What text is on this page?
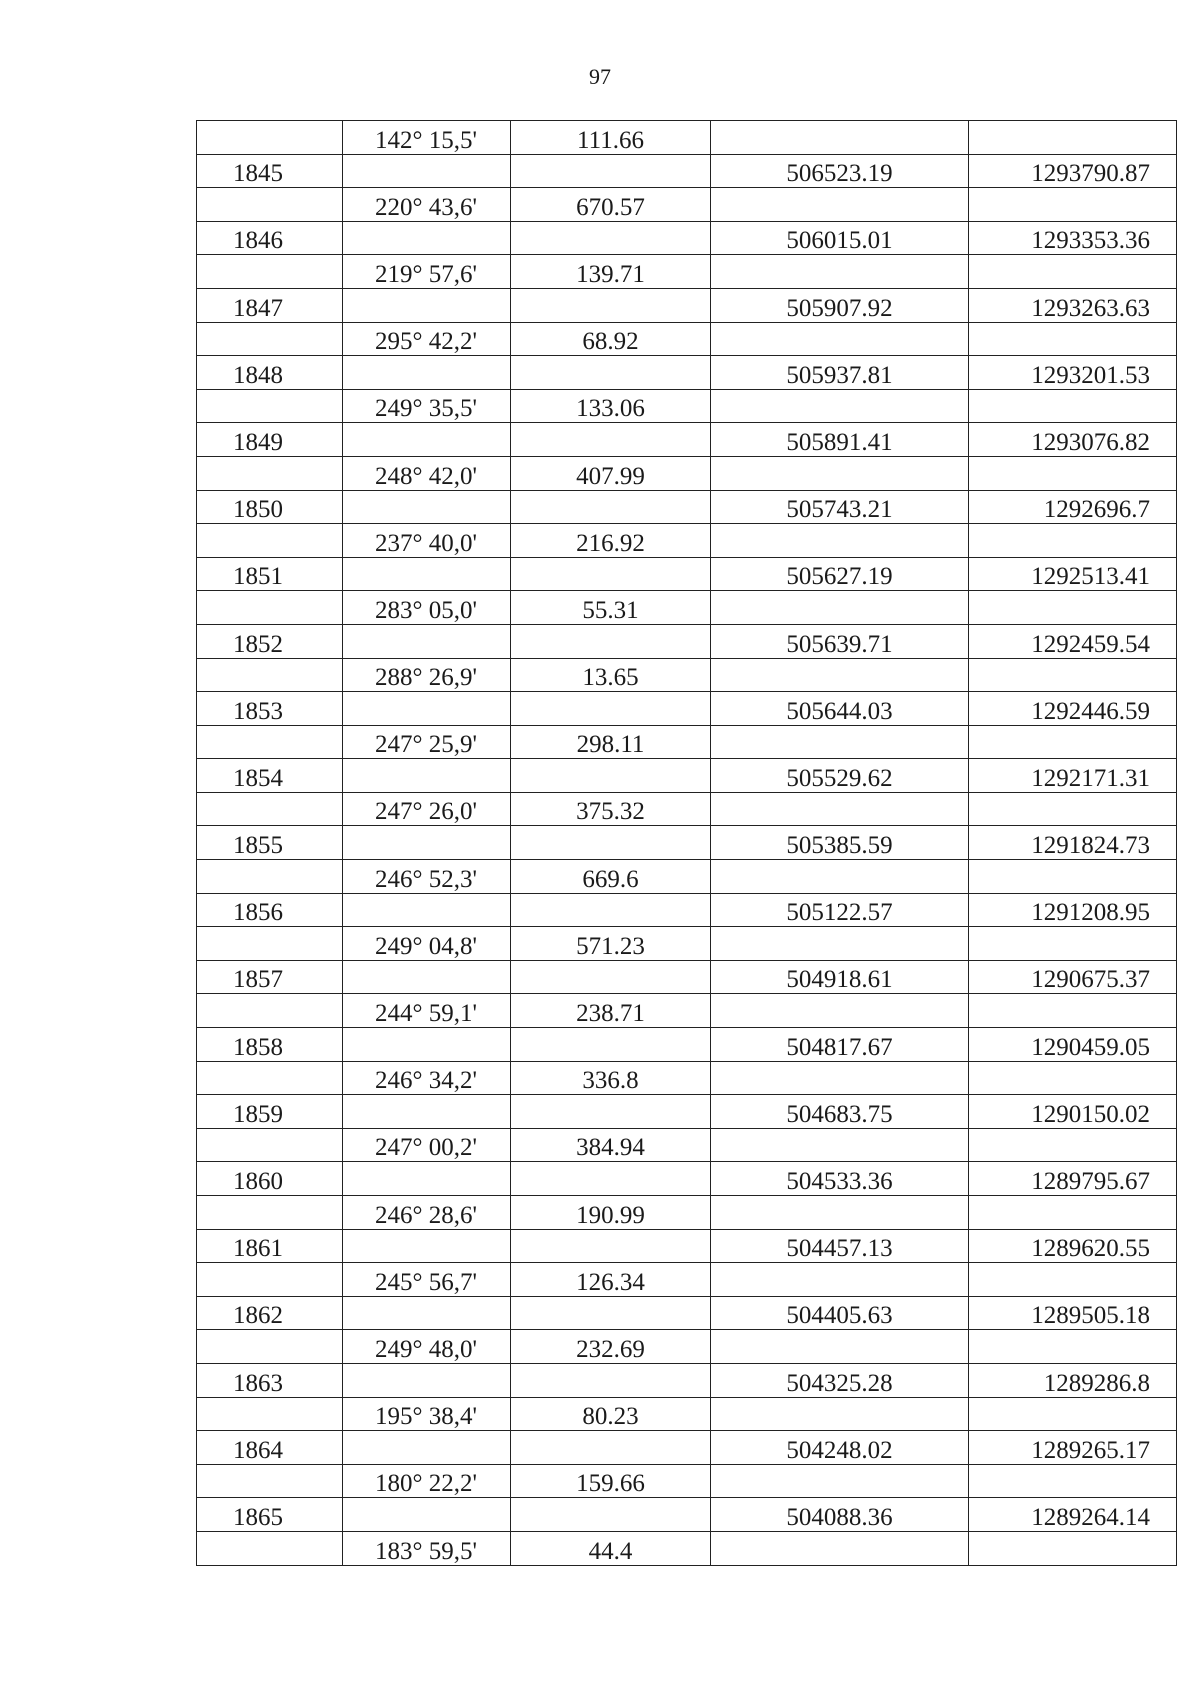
97
	142° 15,5'	111.66		
1845			506523.19	1293790.87
	220° 43,6'	670.57		
1846			506015.01	1293353.36
	219° 57,6'	139.71		
1847			505907.92	1293263.63
	295° 42,2'	68.92		
1848			505937.81	1293201.53
	249° 35,5'	133.06		
1849			505891.41	1293076.82
	248° 42,0'	407.99		
1850			505743.21	1292696.7
	237° 40,0'	216.92		
1851			505627.19	1292513.41
	283° 05,0'	55.31		
1852			505639.71	1292459.54
	288° 26,9'	13.65		
1853			505644.03	1292446.59
	247° 25,9'	298.11		
1854			505529.62	1292171.31
	247° 26,0'	375.32		
1855			505385.59	1291824.73
	246° 52,3'	669.6		
1856			505122.57	1291208.95
	249° 04,8'	571.23		
1857			504918.61	1290675.37
	244° 59,1'	238.71		
1858			504817.67	1290459.05
	246° 34,2'	336.8		
1859			504683.75	1290150.02
	247° 00,2'	384.94		
1860			504533.36	1289795.67
	246° 28,6'	190.99		
1861			504457.13	1289620.55
	245° 56,7'	126.34		
1862			504405.63	1289505.18
	249° 48,0'	232.69		
1863			504325.28	1289286.8
	195° 38,4'	80.23		
1864			504248.02	1289265.17
	180° 22,2'	159.66		
1865			504088.36	1289264.14
	183° 59,5'	44.4		
